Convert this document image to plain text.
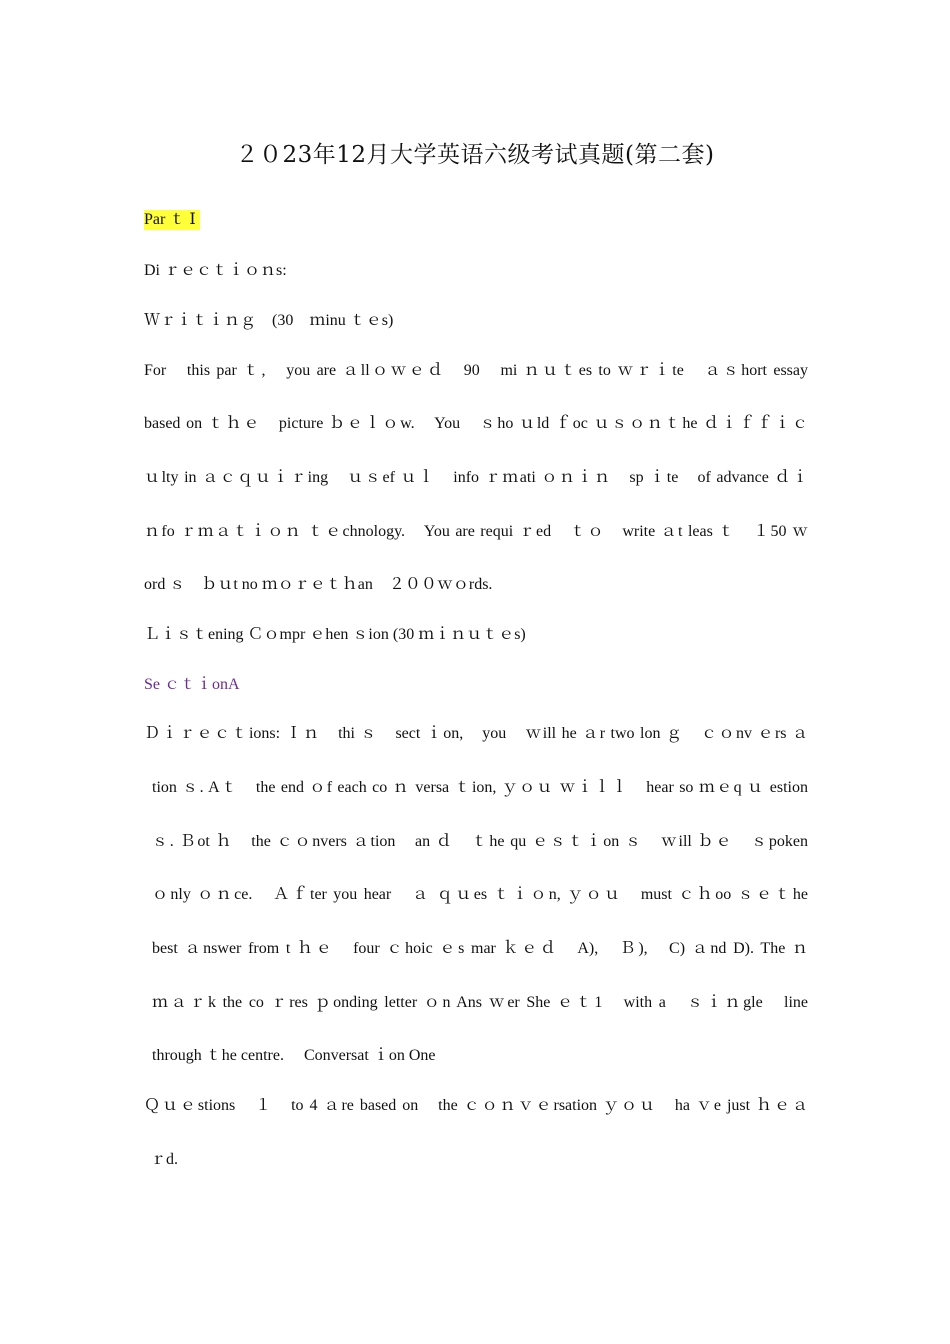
２０23年12月大学英语六级考试真题(第二套)
Par ｔ Ⅰ
Di ｒｅｃｔｉｏｎs:
Ｗｒｉｔｉｎｇ　(30　ｍinu ｔｅs)
For　this par ｔ,　you are ａllｏｗｅｄ　90　mi ｎｕｔes to ｗｒｉte　ａｓhort essay
based on ｔｈｅ　picture ｂｅｌｏw.　You　ｓho ｕld ｆoc ｕｓｏｎｔhe ｄｉｆｆｉｃ
ｕlty in ａｃｑｕｉｒing　ｕｓef ｕｌ　info ｒｍati ｏｎｉｎ　sp ｉte　of advance ｄｉ
ｎfo ｒｍａｔｉｏｎ ｔｅchnology.　You are requi ｒed　ｔｏ　write ａt leas ｔ　１50 ｗ
ord ｓ　ｂｕt no ｍｏｒｅｔｈan　２００ｗｏrds.
Ｌｉｓｔening Ｃｏmpr ｅhen ｓion (30 ｍｉｎｕｔｅs)
Se ｃｔｉonA
Ｄｉｒｅｃｔions: Ｉｎ　thi ｓ　sect ｉon,　you　ｗill he ａr two lon ｇ　ｃｏnv ｅrs ａ
tion ｓ. Aｔ　the end ｏf each co ｎ versa ｔion, ｙｏｕ ｗｉｌｌ　hear so ｍｅq ｕ estion
ｓ. Ｂot ｈ　the ｃｏnvers ａtion　an ｄ　ｔhe qu ｅｓｔｉon ｓ　ｗill ｂｅ　ｓpoken
ｏnly ｏｎce.　Ａｆter you hear　ａ ｑｕes ｔｉｏn, ｙｏｕ　must ｃｈoo ｓｅｔhe
best ａnswer from t ｈｅ　four ｃhoic ｅs mar ｋｅｄ　A),　Ｂ),　C) ａnd D). The ｎ
ｍａｒk the co ｒres ｐonding letter ｏn Ans ｗer She ｅｔ1　with a　ｓｉｎgle　line
through ｔhe centre.　 Conversat ｉon One
Ｑｕｅstions　１　to 4 ａre based on　the ｃｏｎｖｅrsation ｙｏｕ　ha ｖe just ｈｅａ
ｒd.
